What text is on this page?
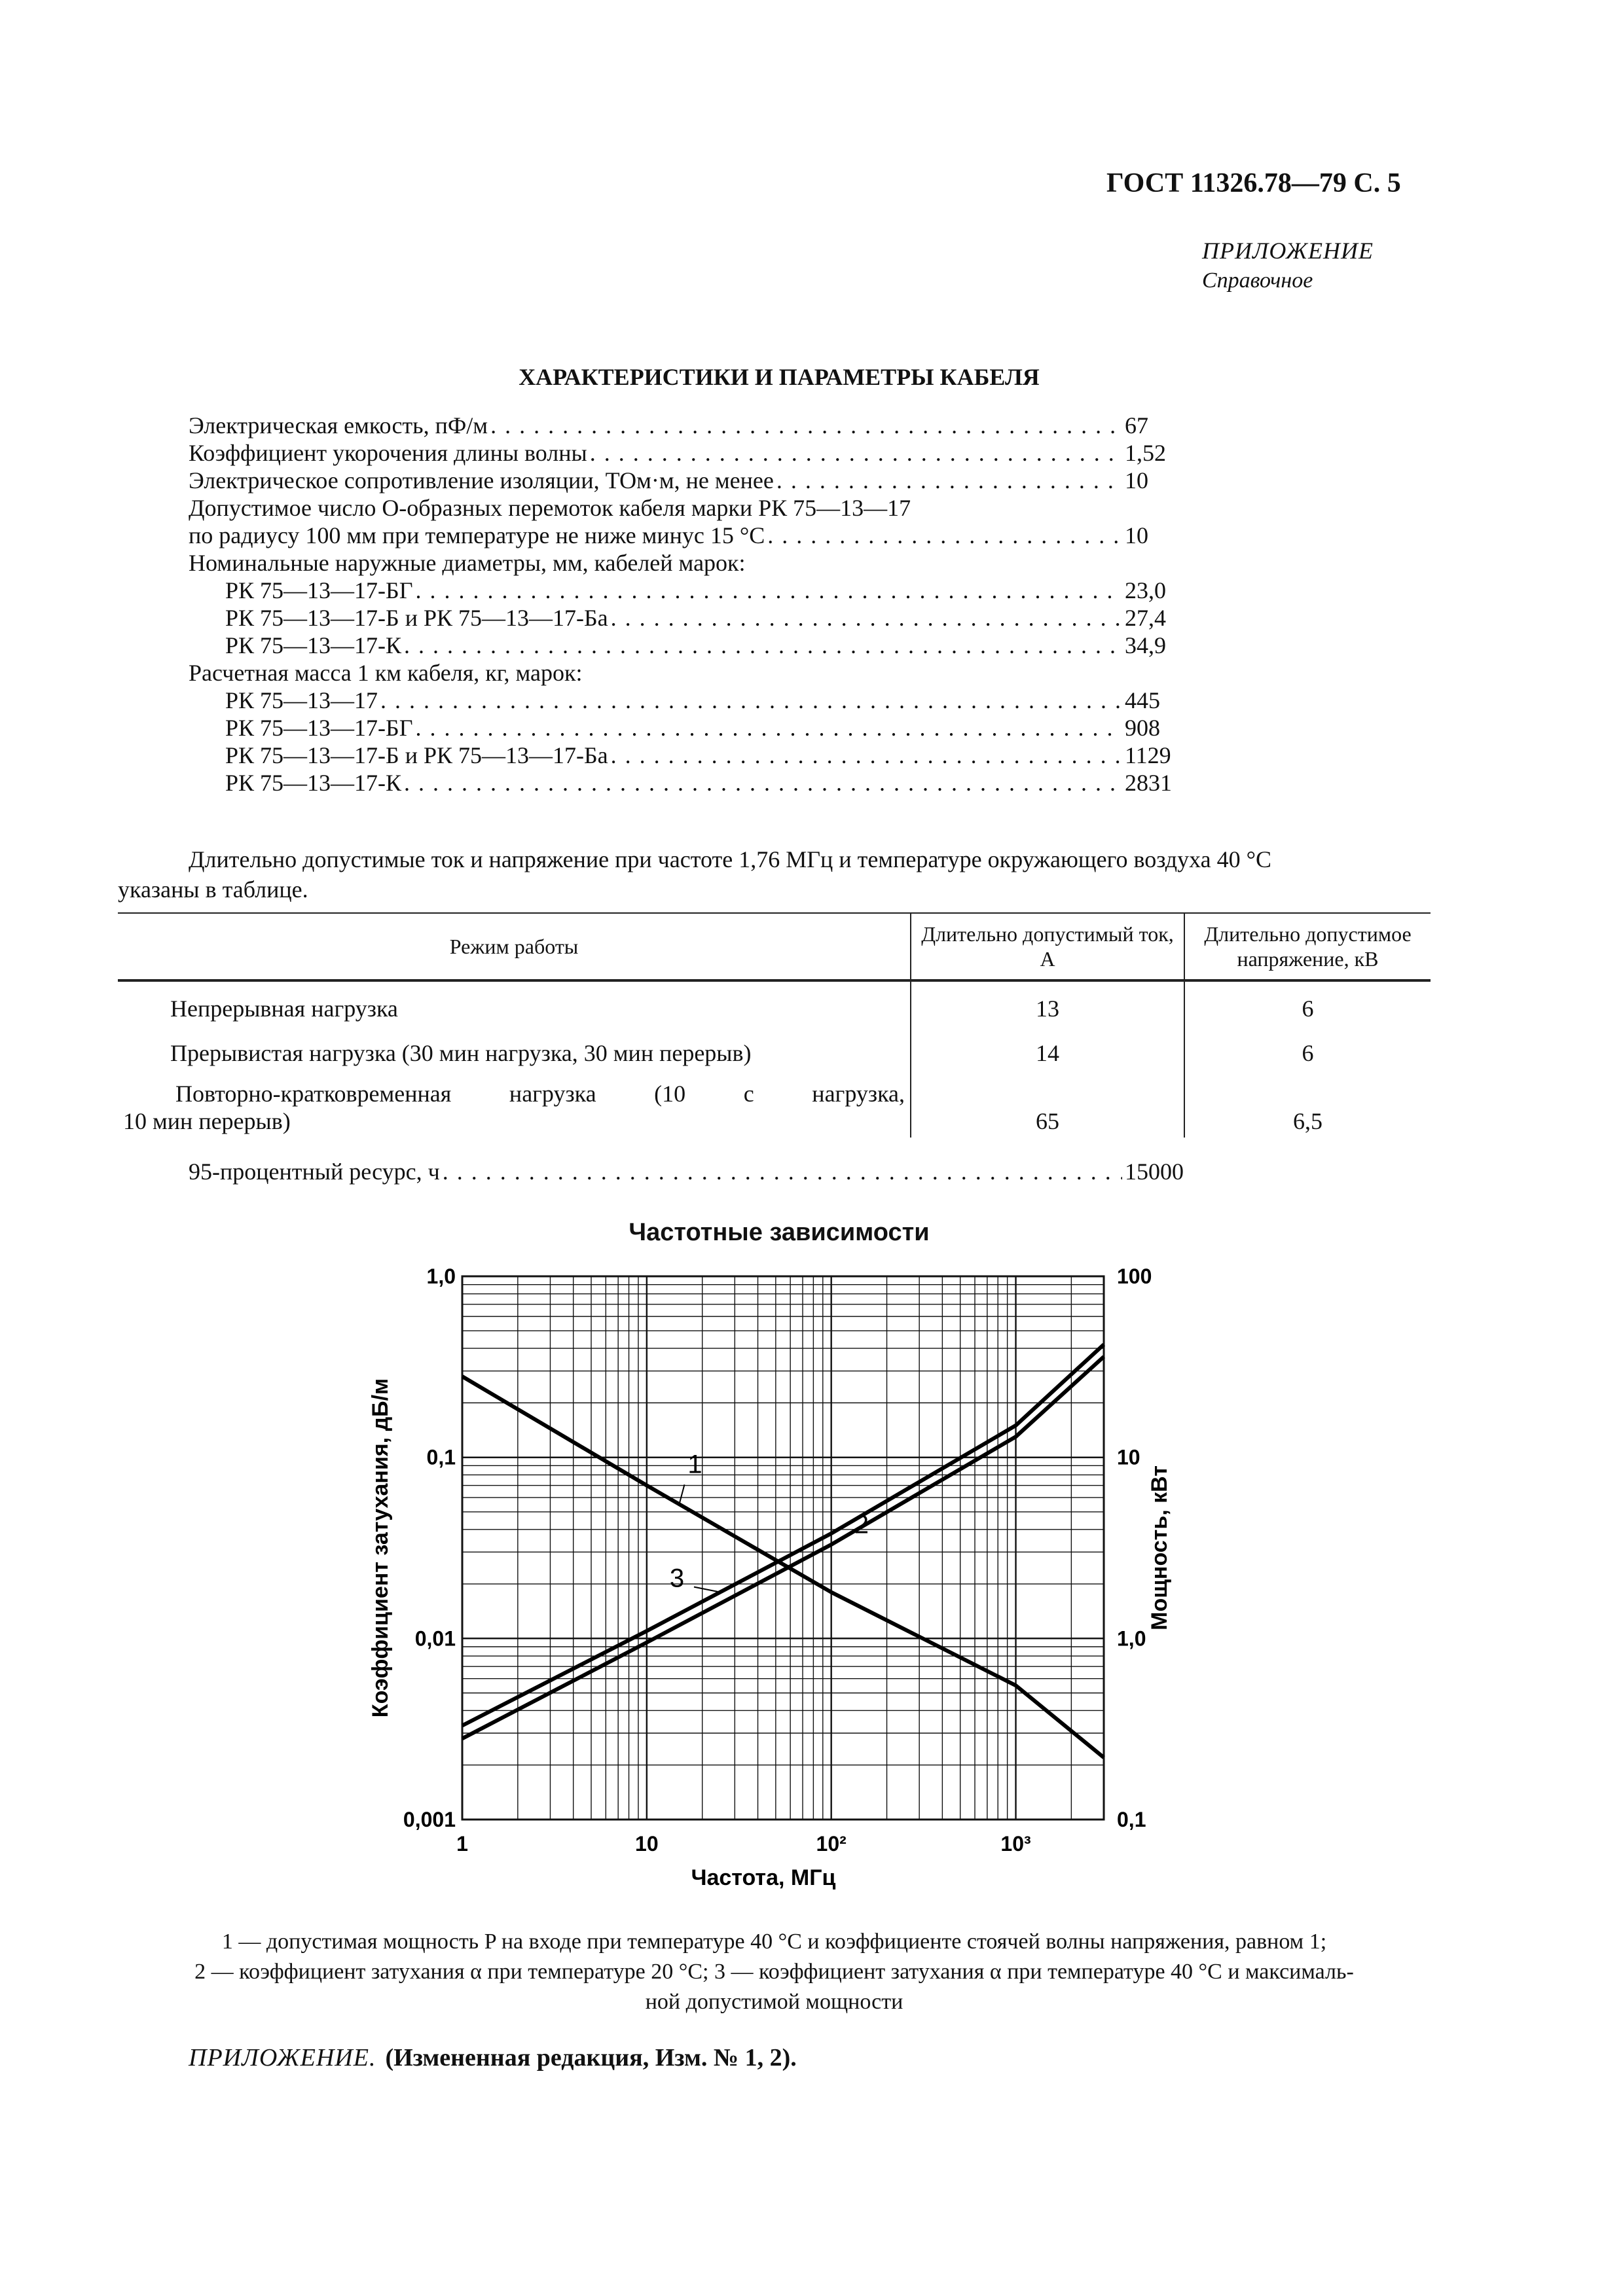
ГОСТ 11326.78—79 С. 5
ПРИЛОЖЕНИЕ
Справочное
ХАРАКТЕРИСТИКИ И ПАРАМЕТРЫ КАБЕЛЯ
Электрическая емкость, пФ/м . . .	67
Коэффициент укорочения длины волны . . .	1,52
Электрическое сопротивление изоляции, ТОм·м, не менее . . .	10
Допустимое число О-образных перемоток кабеля марки РК 75—13—17
по радиусу 100 мм при температуре не ниже минус 15 °С . . .	10
Номинальные наружные диаметры, мм, кабелей марок:
РК 75—13—17-БГ . . .	23,0
РК 75—13—17-Б и РК 75—13—17-Ба . . .	27,4
РК 75—13—17-К . . .	34,9
Расчетная масса 1 км кабеля, кг, марок:
РК 75—13—17 . . .	445
РК 75—13—17-БГ . . .	908
РК 75—13—17-Б и РК 75—13—17-Ба . . .	1129
РК 75—13—17-К . . .	2831
Длительно допустимые ток и напряжение при частоте 1,76 МГц и температуре окружающего воздуха 40 °С
указаны в таблице.
Режим работы	Длительно допустимый ток, А	Длительно допустимое напряжение, кВ
Непрерывная нагрузка	13	6
Прерывистая нагрузка (30 мин нагрузка, 30 мин перерыв)	14	6

Повторно-кратковременная нагрузка (10 с нагрузка,
10 мин перерыв)	65	6,5
95-процентный ресурс, ч . . .	15000
Частотные зависимости
1	10	10²	10³
0,001
0,01
0,1
1,0
0,1
1,0
10
100
Частота, МГц
Коэффициент затухания, дБ/м	Мощность, кВт
1
2
3
1 — допустимая мощность P на входе при температуре 40 °С и коэффициенте стоячей волны напряжения, равном 1;
2 — коэффициент затухания α при температуре 20 °С; 3 — коэффициент затухания α при температуре 40 °С и максималь-
ной допустимой мощности
ПРИЛОЖЕНИЕ. (Измененная редакция, Изм. № 1, 2).
